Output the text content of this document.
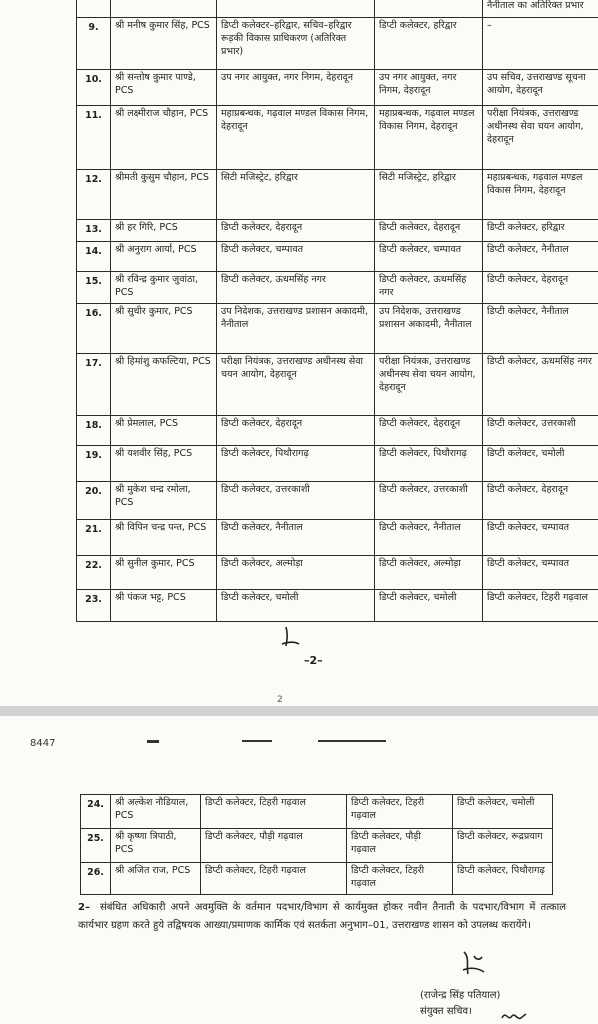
				नैनीताल का अतिरिक्त प्रभार
9.	श्री मनीष कुमार सिंह, PCS	डिप्टी कलेक्टर–हरिद्वार, सचिव–हरिद्वार रूड़की विकास प्राधिकरण (अतिरिक्त प्रभार)	डिप्टी कलेक्टर, हरिद्वार	–
10.	श्री सन्तोष कुमार पाण्डे, PCS	उप नगर आयुक्त, नगर निगम, देहरादून	उप नगर आयुक्त, नगर निगम, देहरादून	उप सचिव, उत्तराखण्ड सूचना आयोग, देहरादून
11.	श्री लक्ष्मीराज चौहान, PCS	महाप्रबन्धक, गढ़वाल मण्डल विकास निगम, देहरादून	महाप्रबन्धक, गढ़वाल मण्डल विकास निगम, देहरादून	परीक्षा नियंत्रक, उत्तराखण्ड अधीनस्थ सेवा चयन आयोग, देहरादून
12.	श्रीमती कुसुम चौहान, PCS	सिटी मजिस्ट्रेट, हरिद्वार	सिटी मजिस्ट्रेट, हरिद्वार	महाप्रबन्धक, गढ़वाल मण्डल विकास निगम, देहरादून
13.	श्री हर गिरि, PCS	डिप्टी कलेक्टर, देहरादून	डिप्टी कलेक्टर, देहरादून	डिप्टी कलेक्टर, हरिद्वार
14.	श्री अनुराग आर्या, PCS	डिप्टी कलेक्टर, चम्पावत	डिप्टी कलेक्टर, चम्पावत	डिप्टी कलेक्टर, नैनीताल
15.	श्री रविन्द्र कुमार जुवांठा, PCS	डिप्टी कलेक्टर, ऊधमसिंह नगर	डिप्टी कलेक्टर, ऊधमसिंह नगर	डिप्टी कलेक्टर, देहरादून
16.	श्री सुधीर कुमार, PCS	उप निदेशक, उत्तराखण्ड प्रशासन अकादमी, नैनीताल	उप निदेशक, उत्तराखण्ड प्रशासन अकादमी, नैनीताल	डिप्टी कलेक्टर, नैनीताल
17.	श्री हिमांशु कफल्टिया, PCS	परीक्षा नियंत्रक, उत्तराखण्ड अधीनस्थ सेवा चयन आयोग, देहरादून	परीक्षा नियंत्रक, उत्तराखण्ड अधीनस्थ सेवा चयन आयोग, देहरादून	डिप्टी कलेक्टर, ऊधमसिंह नगर
18.	श्री प्रेमलाल, PCS	डिप्टी कलेक्टर, देहरादून	डिप्टी कलेक्टर, देहरादून	डिप्टी कलेक्टर, उत्तरकाशी
19.	श्री यशवीर सिंह, PCS	डिप्टी कलेक्टर, पिथौरागढ़	डिप्टी कलेक्टर, पिथौरागढ़	डिप्टी कलेक्टर, चमोली
20.	श्री मुकेश चन्द्र रमोला, PCS	डिप्टी कलेक्टर, उत्तरकाशी	डिप्टी कलेक्टर, उत्तरकाशी	डिप्टी कलेक्टर, देहरादून
21.	श्री विपिन चन्द्र पन्त, PCS	डिप्टी कलेक्टर, नैनीताल	डिप्टी कलेक्टर, नैनीताल	डिप्टी कलेक्टर, चम्पावत
22.	श्री सुनील कुमार, PCS	डिप्टी कलेक्टर, अल्मोड़ा	डिप्टी कलेक्टर, अल्मोड़ा	डिप्टी कलेक्टर, चम्पावत
23.	श्री पंकज भट्ट, PCS	डिप्टी कलेक्टर, चमोली	डिप्टी कलेक्टर, चमोली	डिप्टी कलेक्टर, टिहरी गढ़वाल
–2–
2
8447
24.	श्री अल्केश नौडियाल, PCS	डिप्टी कलेक्टर, टिहरी गढ़वाल	डिप्टी कलेक्टर, टिहरी गढ़वाल	डिप्टी कलेक्टर, चमोली
25.	श्री कृष्णा त्रिपाठी, PCS	डिप्टी कलेक्टर, पौड़ी गढ़वाल	डिप्टी कलेक्टर, पौड़ी गढ़वाल	डिप्टी कलेक्टर, रूद्रप्रयाग
26.	श्री अजित राज, PCS	डिप्टी कलेक्टर, टिहरी गढ़वाल	डिप्टी कलेक्टर, टिहरी गढ़वाल	डिप्टी कलेक्टर, पिथौरागढ़
2– संबंधित अधिकारी अपने अवमुक्ति के वर्तमान पदभार/विभाग से कार्यमुक्त होकर नवीन तैनाती के पदभार/विभाग में तत्काल कार्यभार ग्रहण करते हुये तद्विषयक आख्या/प्रमाणक कार्मिक एवं सतर्कता अनुभाग–01, उत्तराखण्ड शासन को उपलब्ध करायेंगे।
(राजेन्द्र सिंह पतियाल)
संयुक्त सचिव।
